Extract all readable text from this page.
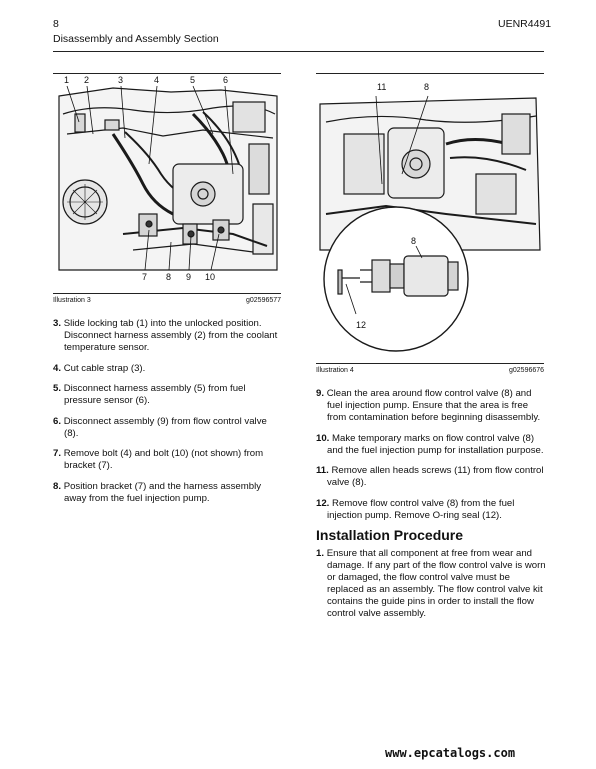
8	UENR4491
Disassembly and Assembly Section
1 2	3	4	5	6
7 8 9 10
Illustration 3	g02596577
3. Slide locking tab (1) into the unlocked position. Disconnect harness assembly (2) from the coolant temperature sensor.
4. Cut cable strap (3).
5. Disconnect harness assembly (5) from fuel pressure sensor (6).
6. Disconnect assembly (9) from flow control valve (8).
7. Remove bolt (4) and bolt (10) (not shown) from bracket (7).
8. Position bracket (7) and the harness assembly away from the fuel injection pump.
11	8
8
12
Illustration 4	g02596676
9. Clean the area around flow control valve (8) and fuel injection pump. Ensure that the area is free from contamination before beginning disassembly.
10. Make temporary marks on flow control valve (8) and the fuel injection pump for installation purpose.
11. Remove allen heads screws (11) from flow control valve (8).
12. Remove flow control valve (8) from the fuel injection pump. Remove O-ring seal (12).
Installation Procedure
1. Ensure that all component at free from wear and damage. If any part of the flow control valve is worn or damaged, the flow control valve must be replaced as an assembly. The flow control valve kit contains the guide pins in order to install the flow control valve assembly.
www.epcatalogs.com
